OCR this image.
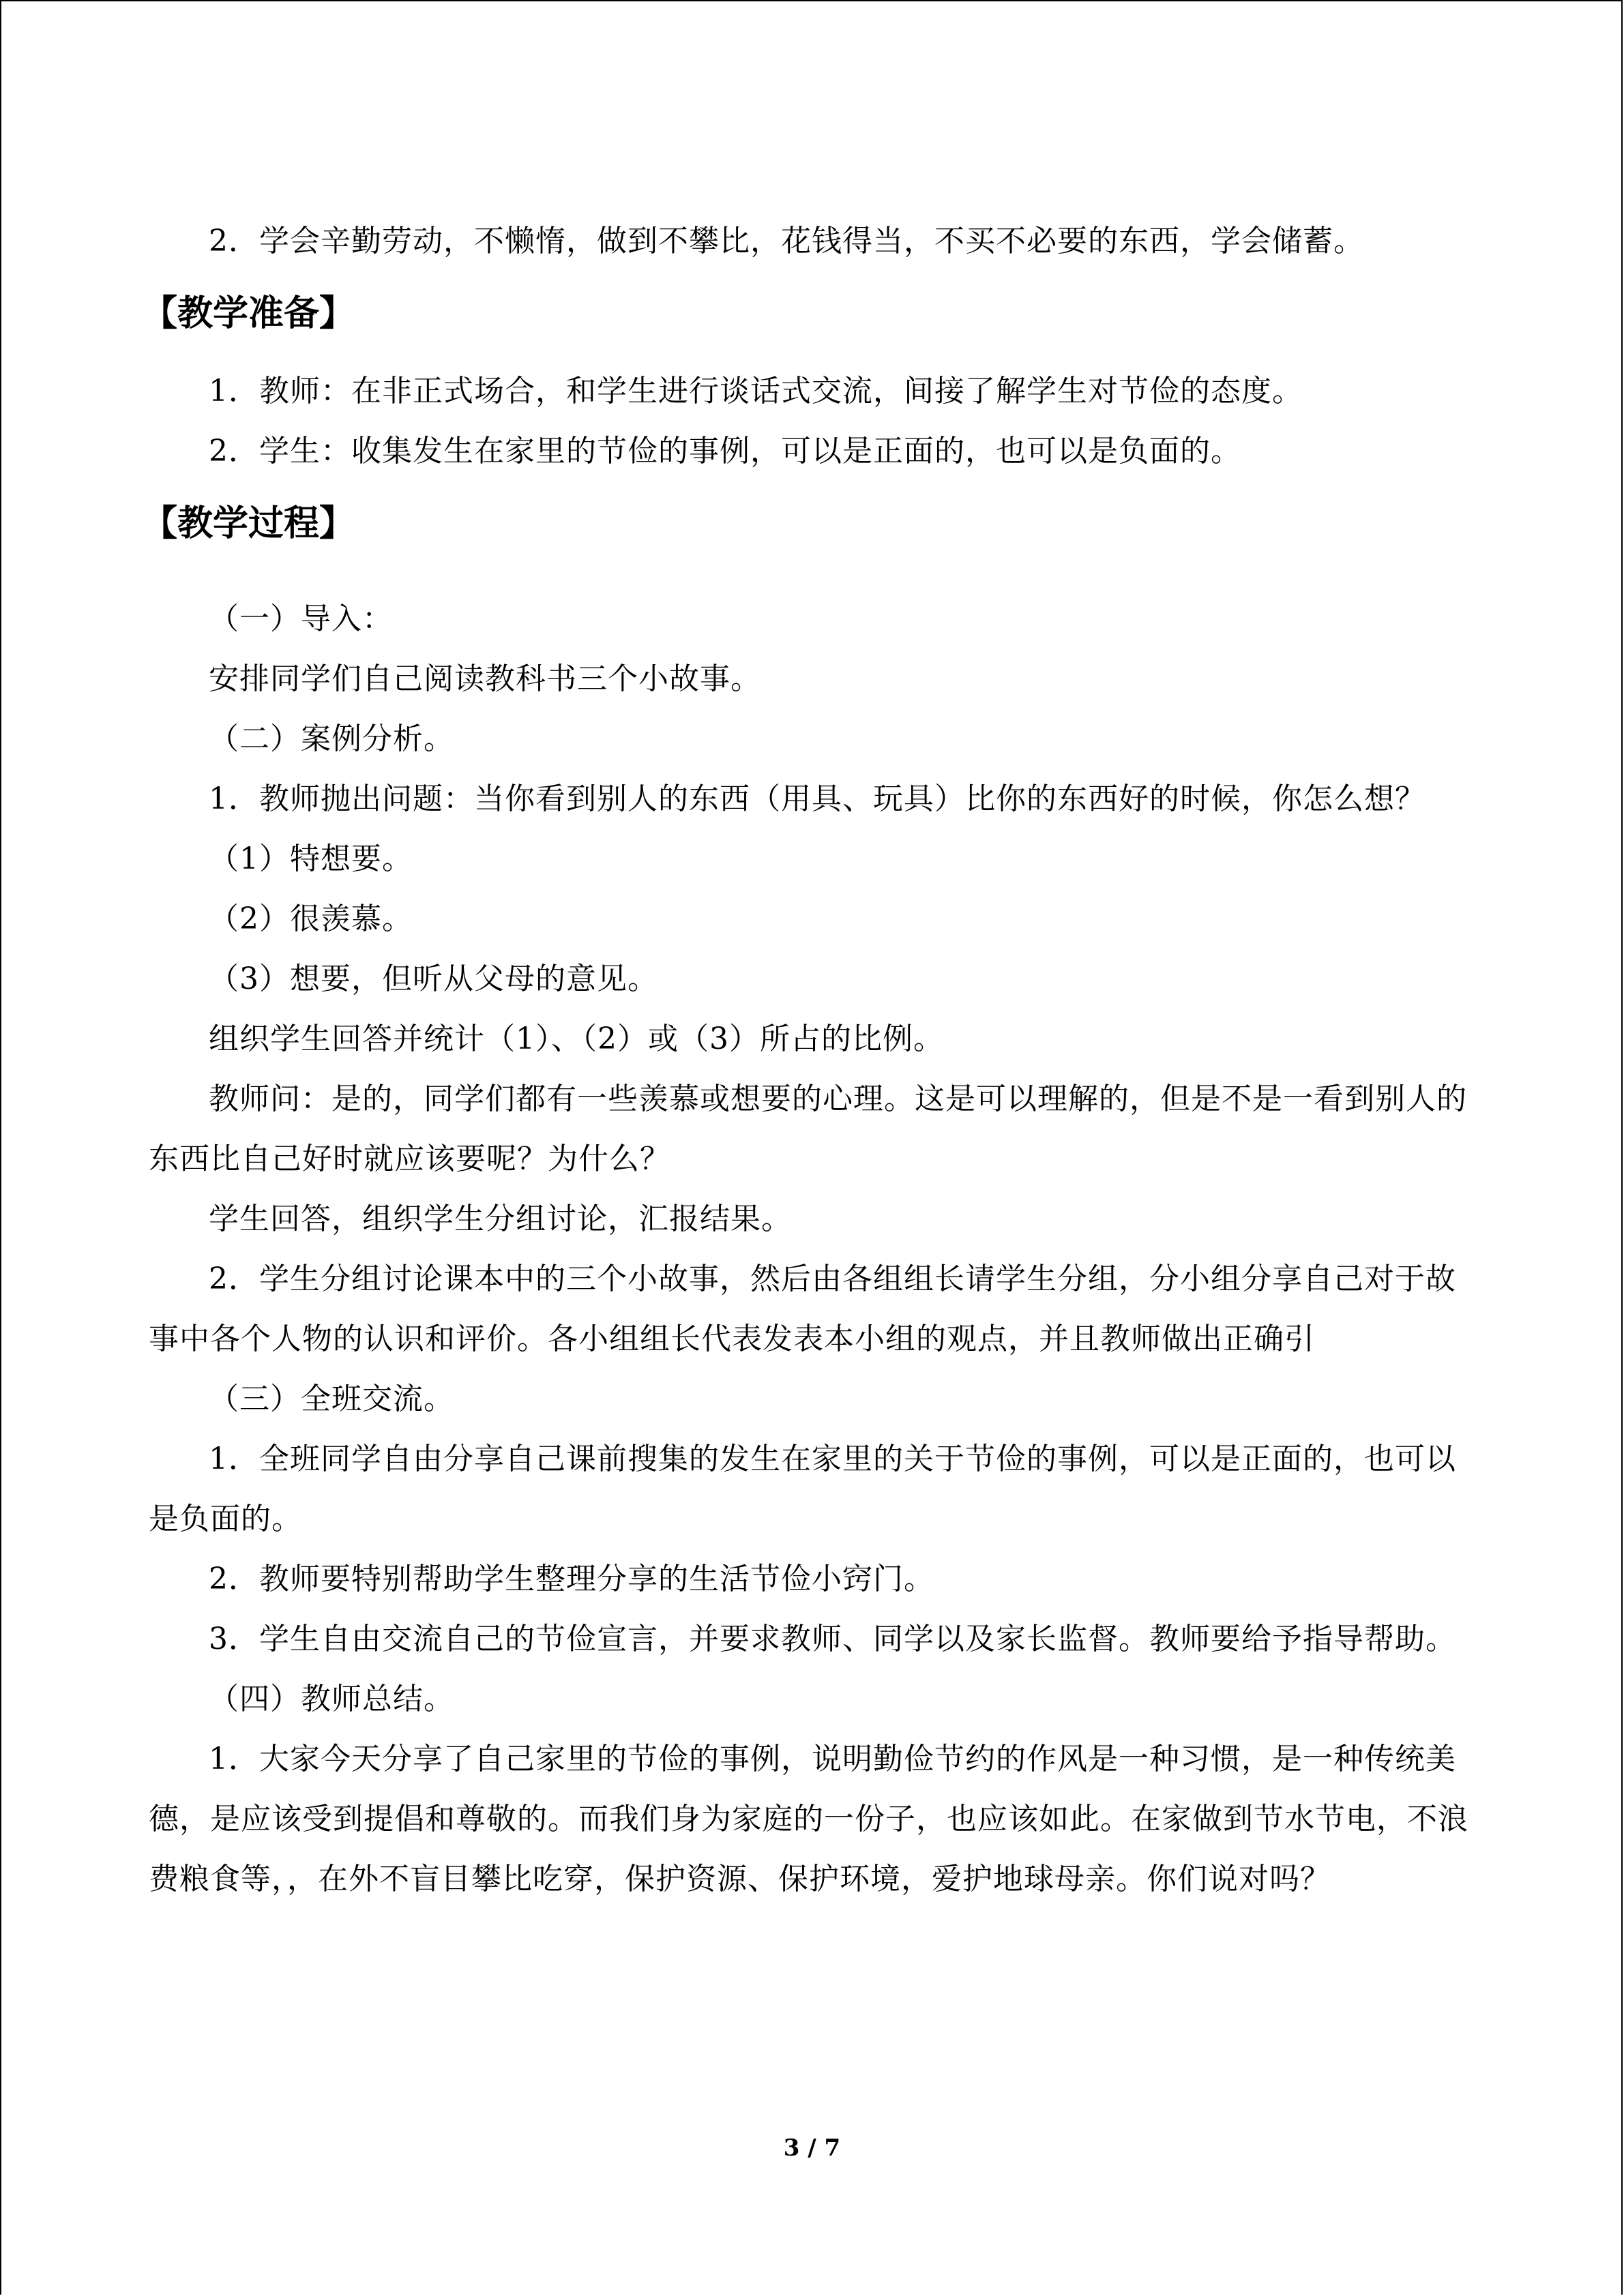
2．学会辛勤劳动，不懒惰，做到不攀比，花钱得当，不买不必要的东西，学会储蓄。

【教学准备】

1．教师：在非正式场合，和学生进行谈话式交流，间接了解学生对节俭的态度。

2．学生：收集发生在家里的节俭的事例，可以是正面的，也可以是负面的。

【教学过程】

（一）导入：

安排同学们自己阅读教科书三个小故事。

（二）案例分析。

1．教师抛出问题：当你看到别人的东西（用具、玩具）比你的东西好的时候，你怎么想？

（1）特想要。

（2）很羡慕。

（3）想要，但听从父母的意见。

组织学生回答并统计（1）、（2）或（3）所占的比例。

教师问：是的，同学们都有一些羡慕或想要的心理。这是可以理解的，但是不是一看到别人的东西比自己好时就应该要呢？为什么？

学生回答，组织学生分组讨论，汇报结果。

2．学生分组讨论课本中的三个小故事，然后由各组组长请学生分组，分小组分享自己对于故事中各个人物的认识和评价。各小组组长代表发表本小组的观点，并且教师做出正确引

（三）全班交流。

1．全班同学自由分享自己课前搜集的发生在家里的关于节俭的事例，可以是正面的，也可以是负面的。

2．教师要特别帮助学生整理分享的生活节俭小窍门。

3．学生自由交流自己的节俭宣言，并要求教师、同学以及家长监督。教师要给予指导帮助。

（四）教师总结。

1．大家今天分享了自己家里的节俭的事例，说明勤俭节约的作风是一种习惯，是一种传统美德，是应该受到提倡和尊敬的。而我们身为家庭的一份子，也应该如此。在家做到节水节电，不浪费粮食等，，在外不盲目攀比吃穿，保护资源、保护环境，爱护地球母亲。你们说对吗？

3 / 7
